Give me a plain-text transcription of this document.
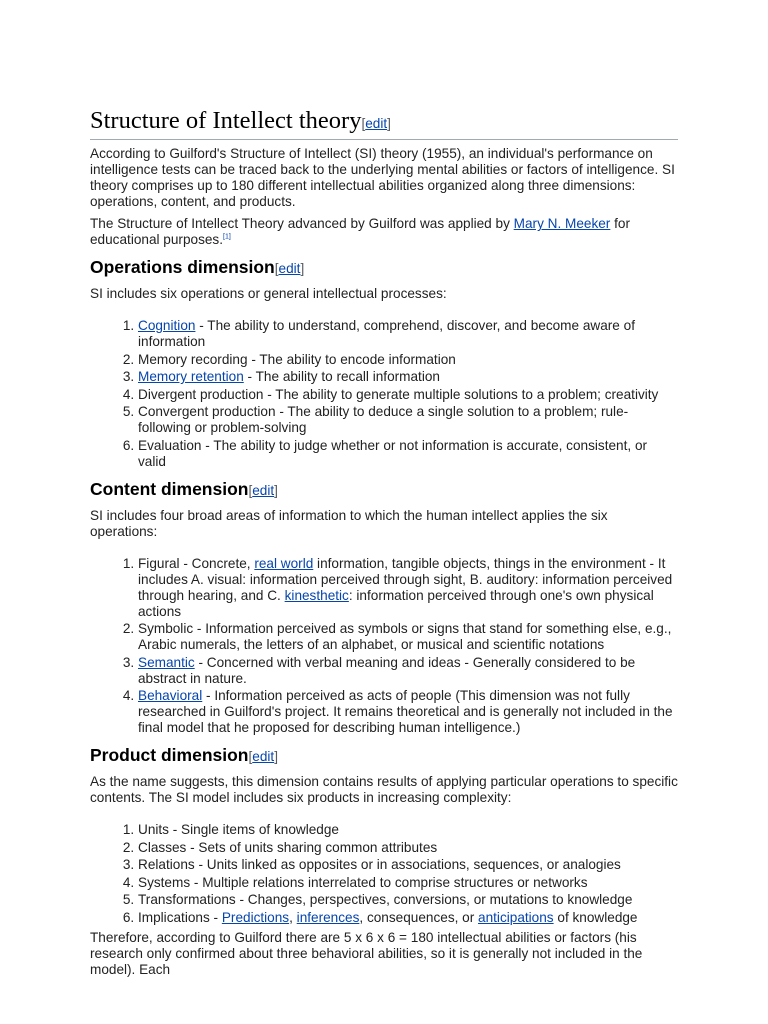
Structure of Intellect theory[edit]

According to Guilford's Structure of Intellect (SI) theory (1955), an individual's performance on intelligence tests can be traced back to the underlying mental abilities or factors of intelligence. SI theory comprises up to 180 different intellectual abilities organized along three dimensions: operations, content, and products.

The Structure of Intellect Theory advanced by Guilford was applied by Mary N. Meeker for educational purposes.[1]

Operations dimension[edit]

SI includes six operations or general intellectual processes:

1. Cognition - The ability to understand, comprehend, discover, and become aware of information
2. Memory recording - The ability to encode information
3. Memory retention - The ability to recall information
4. Divergent production - The ability to generate multiple solutions to a problem; creativity
5. Convergent production - The ability to deduce a single solution to a problem; rule-following or problem-solving
6. Evaluation - The ability to judge whether or not information is accurate, consistent, or valid
Content dimension[edit]

SI includes four broad areas of information to which the human intellect applies the six operations:

1. Figural - Concrete, real world information, tangible objects, things in the environment - It includes A. visual: information perceived through sight, B. auditory: information perceived through hearing, and C. kinesthetic: information perceived through one's own physical actions
2. Symbolic - Information perceived as symbols or signs that stand for something else, e.g., Arabic numerals, the letters of an alphabet, or musical and scientific notations
3. Semantic - Concerned with verbal meaning and ideas - Generally considered to be abstract in nature.
4. Behavioral - Information perceived as acts of people (This dimension was not fully researched in Guilford's project. It remains theoretical and is generally not included in the final model that he proposed for describing human intelligence.)
Product dimension[edit]

As the name suggests, this dimension contains results of applying particular operations to specific contents. The SI model includes six products in increasing complexity:

1. Units - Single items of knowledge
2. Classes - Sets of units sharing common attributes
3. Relations - Units linked as opposites or in associations, sequences, or analogies
4. Systems - Multiple relations interrelated to comprise structures or networks
5. Transformations - Changes, perspectives, conversions, or mutations to knowledge
6. Implications - Predictions, inferences, consequences, or anticipations of knowledge

Therefore, according to Guilford there are 5 x 6 x 6 = 180 intellectual abilities or factors (his research only confirmed about three behavioral abilities, so it is generally not included in the model). Each
